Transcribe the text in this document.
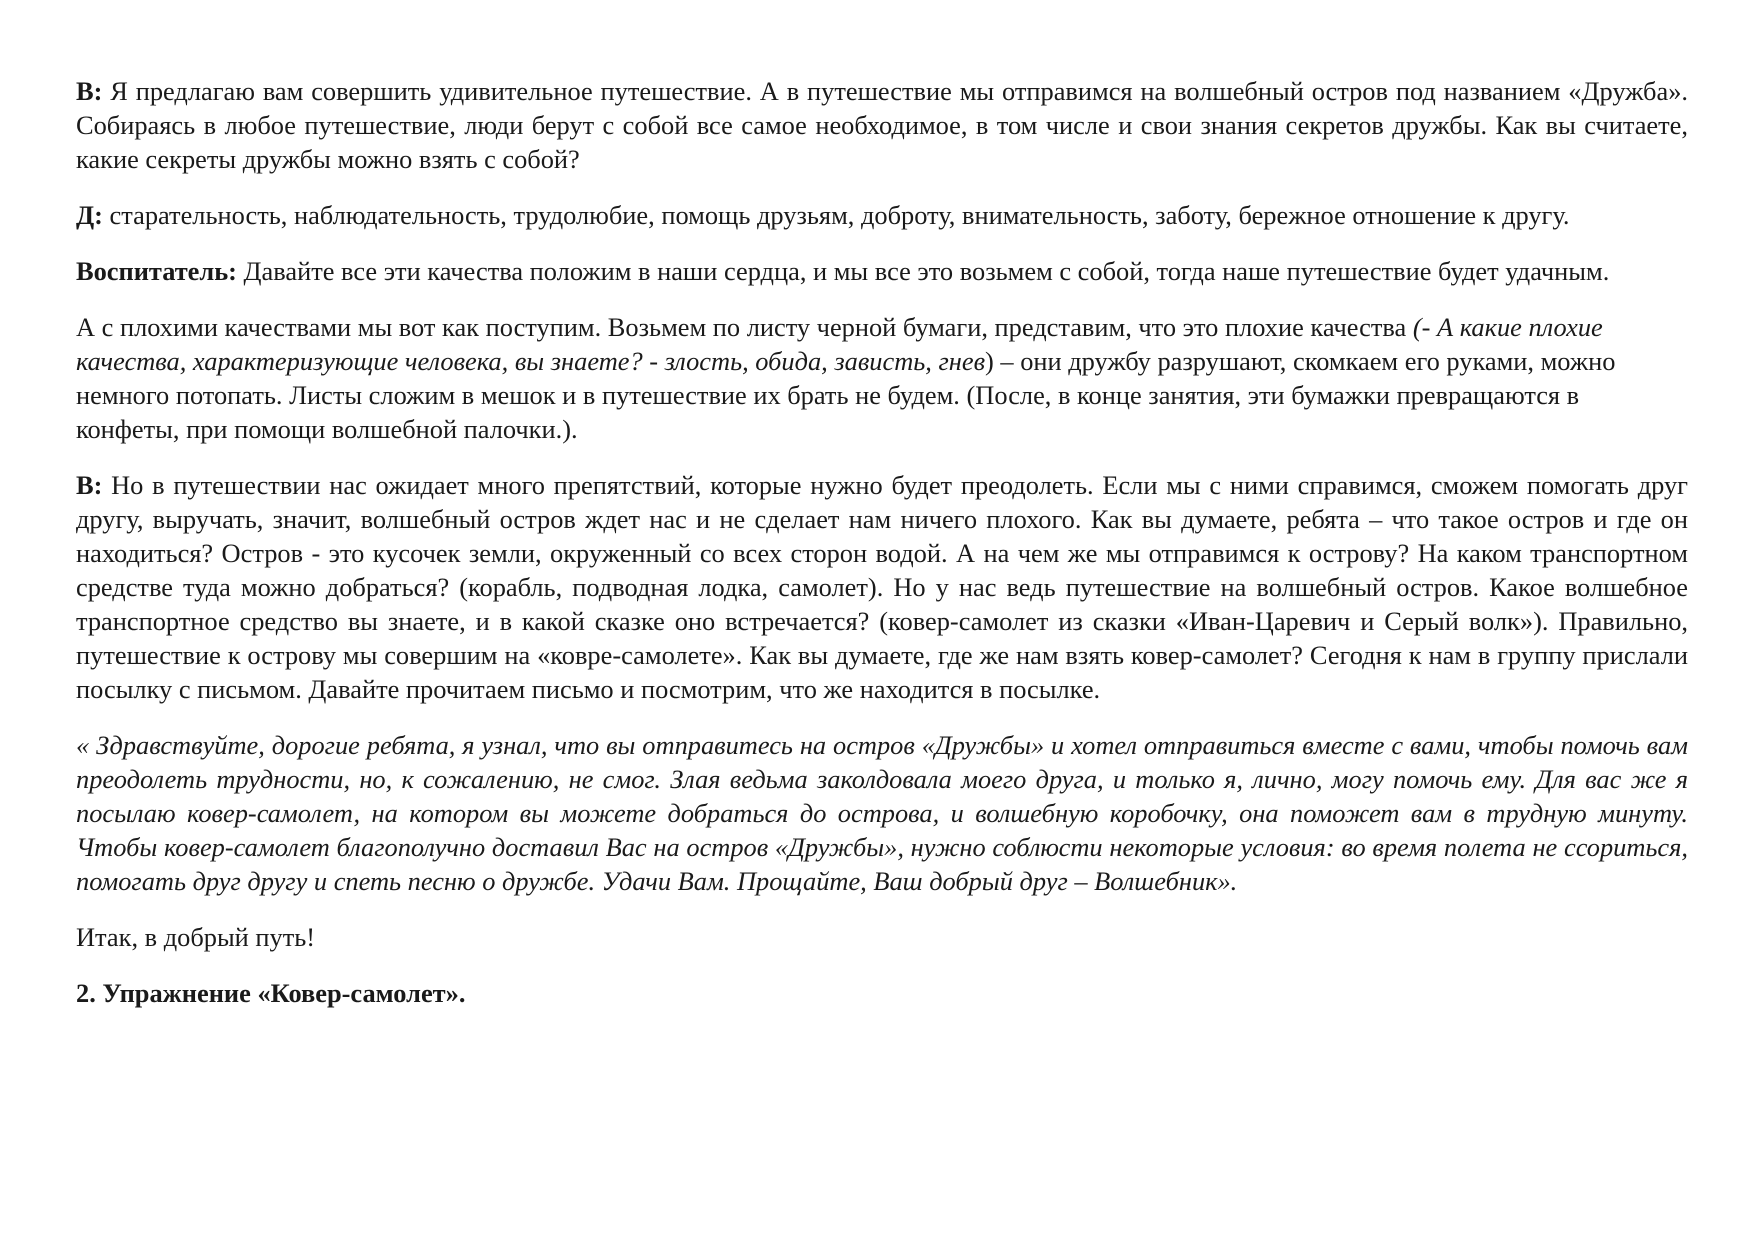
В: Я предлагаю вам совершить удивительное путешествие. А в путешествие мы отправимся на волшебный остров под названием «Дружба». Собираясь в любое путешествие, люди берут с собой все самое необходимое, в том числе и свои знания секретов дружбы. Как вы считаете, какие секреты дружбы можно взять с собой?

Д: старательность, наблюдательность, трудолюбие, помощь друзьям, доброту, внимательность, заботу, бережное отношение к другу.

Воспитатель: Давайте все эти качества положим в наши сердца, и мы все это возьмем с собой, тогда наше путешествие будет удачным.

А с плохими качествами мы вот как поступим. Возьмем по листу черной бумаги, представим, что это плохие качества (- А какие плохие качества, характеризующие человека, вы знаете? - злость, обида, зависть, гнев) – они дружбу разрушают, скомкаем его руками, можно немного потопать. Листы сложим в мешок и в путешествие их брать не будем. (После, в конце занятия, эти бумажки превращаются в конфеты, при помощи волшебной палочки.).

В: Но в путешествии нас ожидает много препятствий, которые нужно будет преодолеть. Если мы с ними справимся, сможем помогать друг другу, выручать, значит, волшебный остров ждет нас и не сделает нам ничего плохого. Как вы думаете, ребята – что такое остров и где он находиться? Остров - это кусочек земли, окруженный со всех сторон водой. А на чем же мы отправимся к острову? На каком транспортном средстве туда можно добраться? (корабль, подводная лодка, самолет). Но у нас ведь путешествие на волшебный остров. Какое волшебное транспортное средство вы знаете, и в какой сказке оно встречается? (ковер-самолет из сказки «Иван-Царевич и Серый волк»). Правильно, путешествие к острову мы совершим на «ковре-самолете». Как вы думаете, где же нам взять ковер-самолет? Сегодня к нам в группу прислали посылку с письмом. Давайте прочитаем письмо и посмотрим, что же находится в посылке.

« Здравствуйте, дорогие ребята, я узнал, что вы отправитесь на остров «Дружбы» и хотел отправиться вместе с вами, чтобы помочь вам преодолеть трудности, но, к сожалению, не смог. Злая ведьма заколдовала моего друга, и только я, лично, могу помочь ему. Для вас же я посылаю ковер-самолет, на котором вы можете добраться до острова, и волшебную коробочку, она поможет вам в трудную минуту. Чтобы ковер-самолет благополучно доставил Вас на остров «Дружбы», нужно соблюсти некоторые условия: во время полета не ссориться, помогать друг другу и спеть песню о дружбе. Удачи Вам. Прощайте, Ваш добрый друг – Волшебник».

Итак, в добрый путь!

2. Упражнение «Ковер-самолет».
